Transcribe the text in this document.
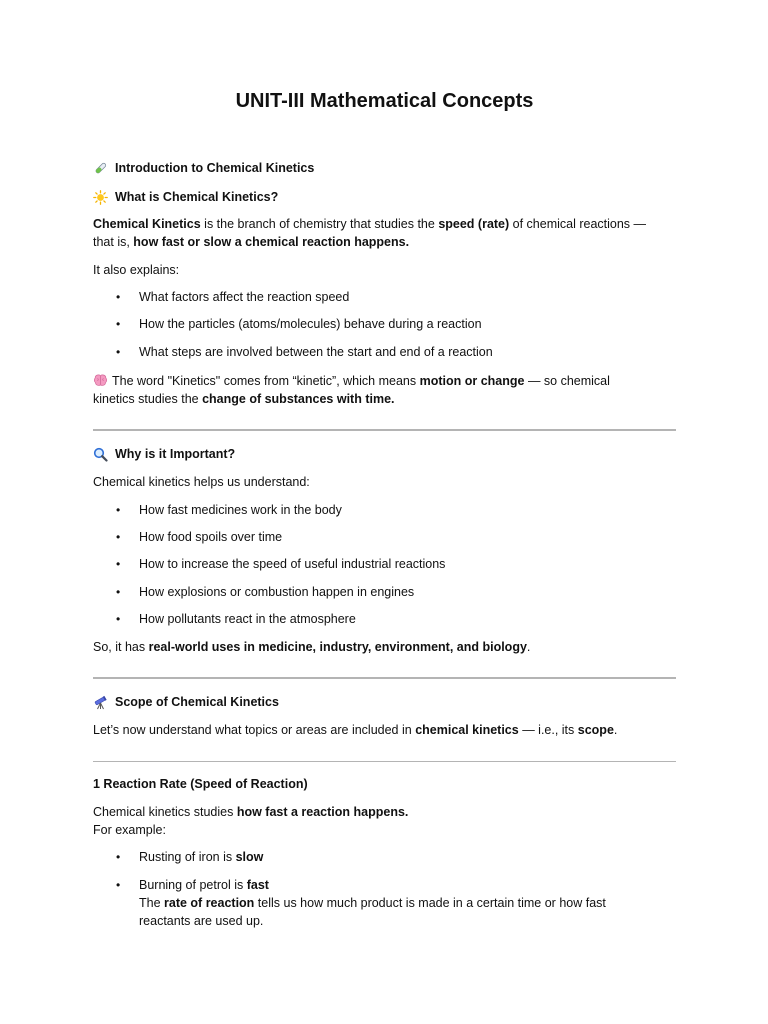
UNIT-III Mathematical Concepts
Introduction to Chemical Kinetics
What is Chemical Kinetics?

Chemical Kinetics is the branch of chemistry that studies the speed (rate) of chemical reactions —
that is, how fast or slow a chemical reaction happens.

It also explains:

• What factors affect the reaction speed
• How the particles (atoms/molecules) behave during a reaction
• What steps are involved between the start and end of a reaction

The word "Kinetics" comes from “kinetic”, which means motion or change — so chemical
kinetics studies the change of substances with time.

Why is it Important?

Chemical kinetics helps us understand:

• How fast medicines work in the body
• How food spoils over time
• How to increase the speed of useful industrial reactions
• How explosions or combustion happen in engines
• How pollutants react in the atmosphere

So, it has real-world uses in medicine, industry, environment, and biology.

Scope of Chemical Kinetics

Let’s now understand what topics or areas are included in chemical kinetics — i.e., its scope.

1 Reaction Rate (Speed of Reaction)

Chemical kinetics studies how fast a reaction happens.
For example:

• Rusting of iron is slow
• Burning of petrol is fast
The rate of reaction tells us how much product is made in a certain time or how fast
reactants are used up.
